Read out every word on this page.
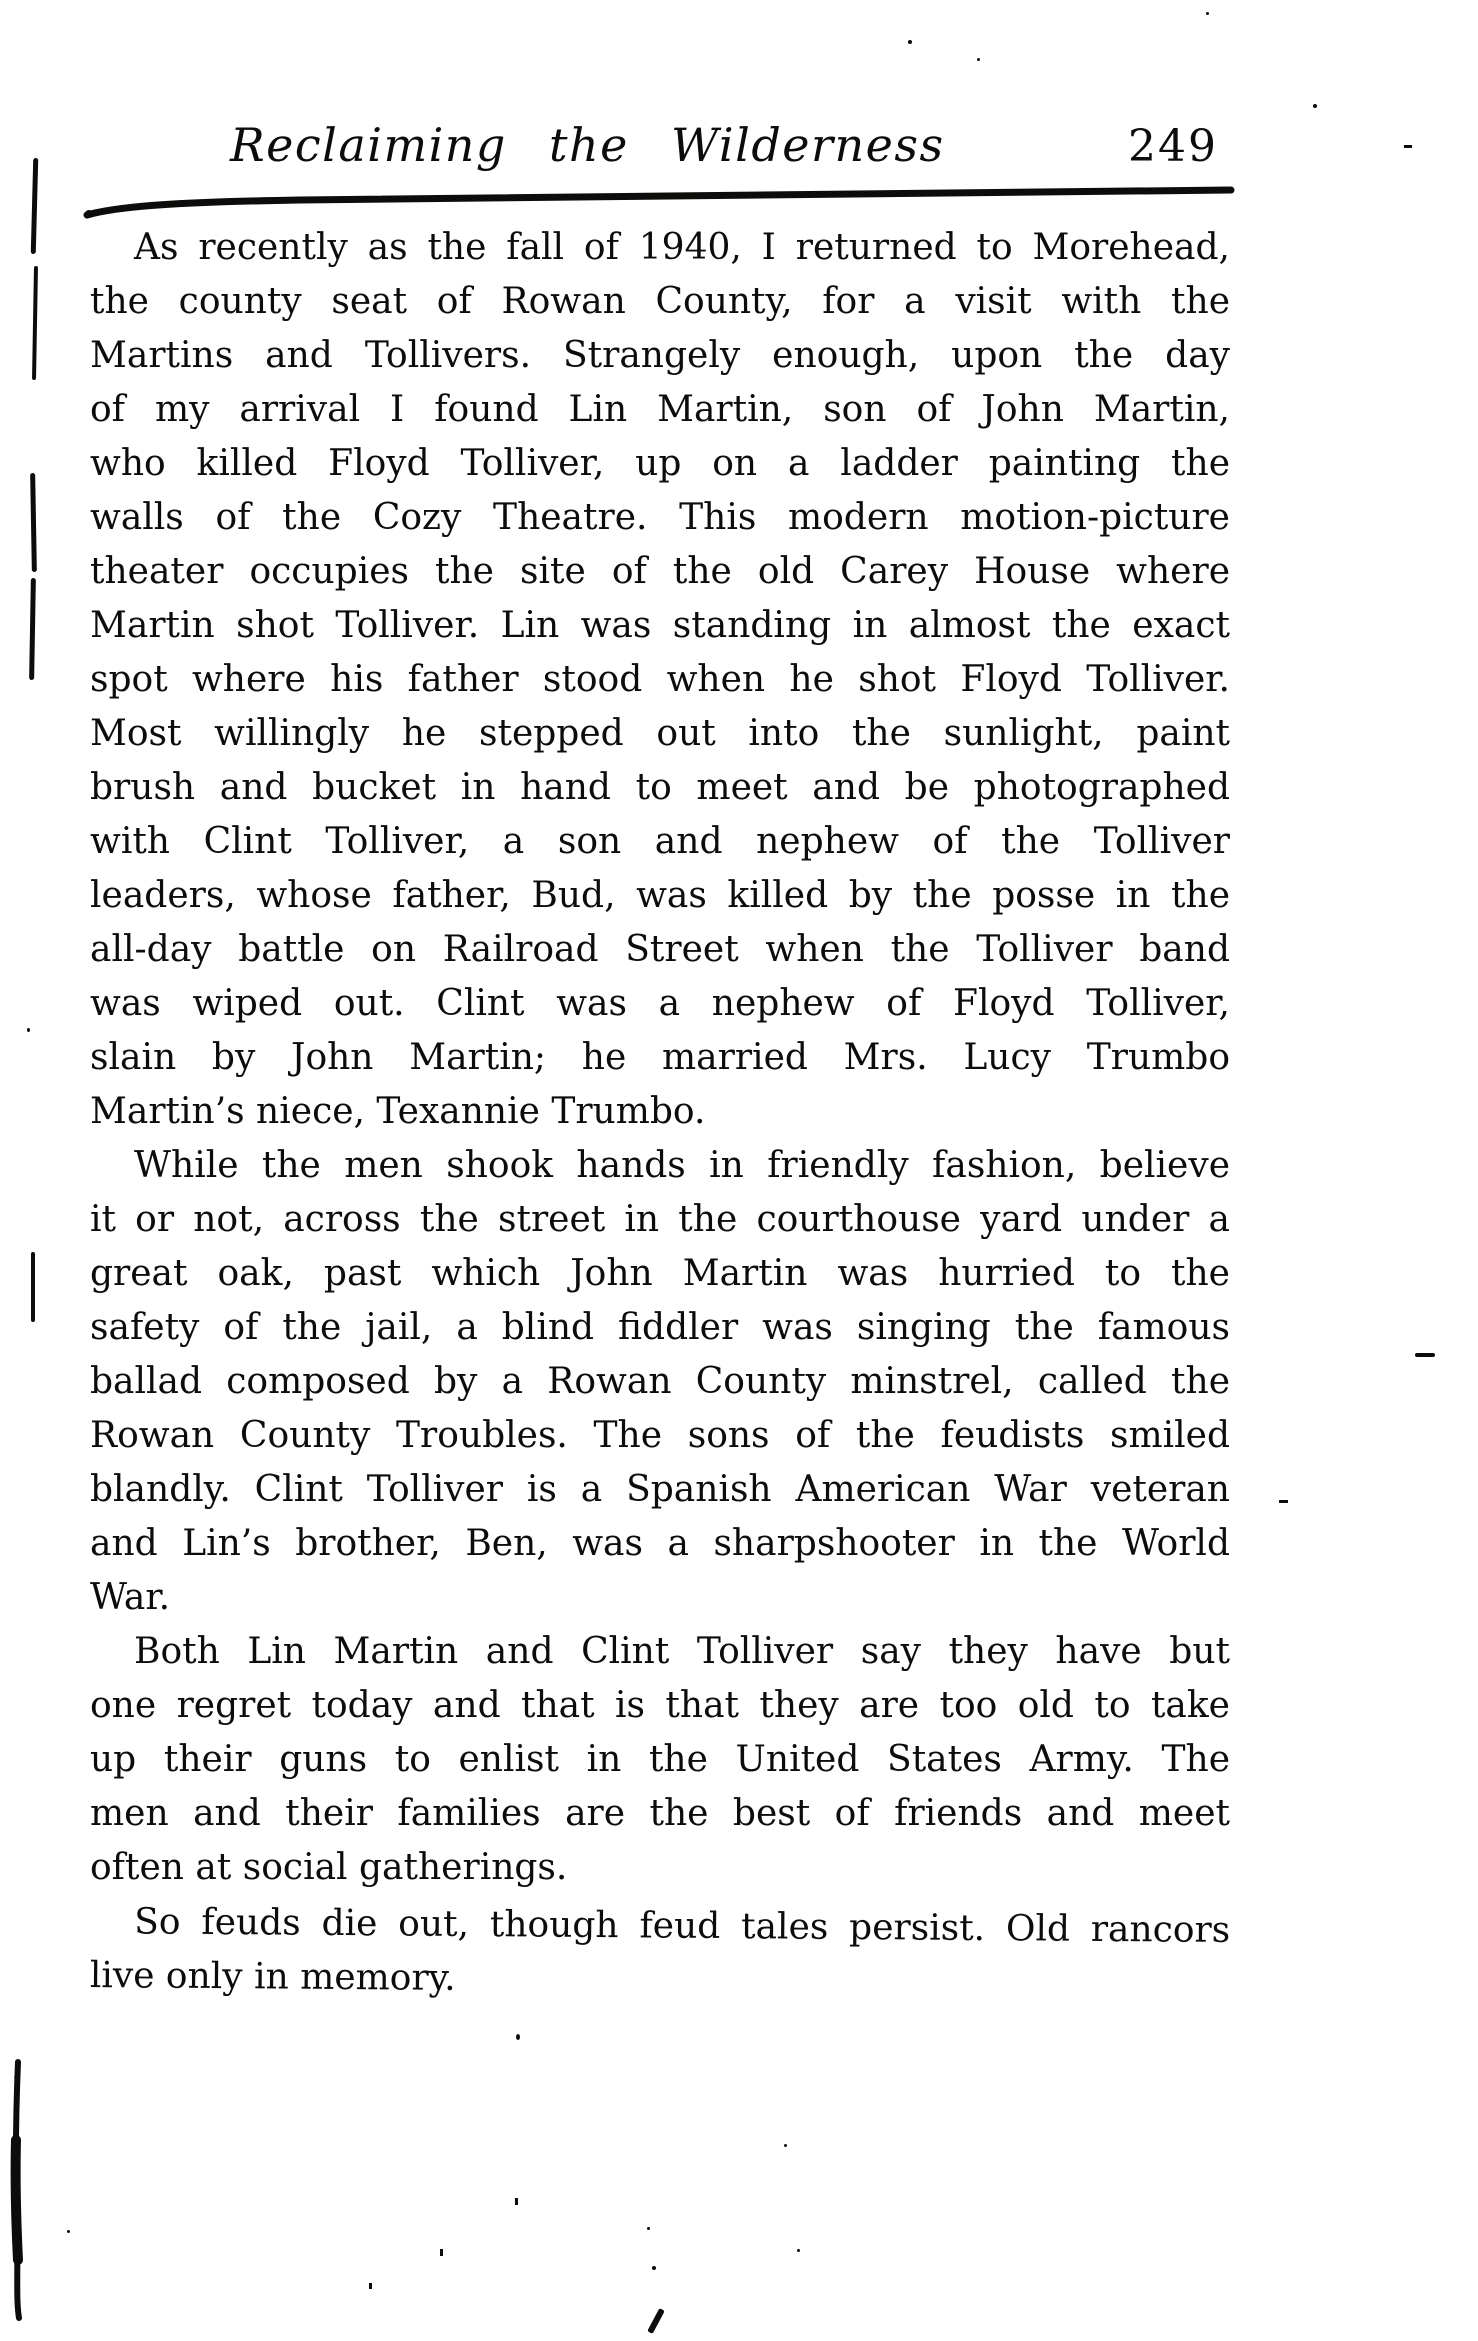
Reclaiming the Wilderness	249
As recently as the fall of 1940, I returned to Morehead,
the county seat of Rowan County, for a visit with the
Martins and Tollivers. Strangely enough, upon the day
of my arrival I found Lin Martin, son of John Martin,
who killed Floyd Tolliver, up on a ladder painting the
walls of the Cozy Theatre. This modern motion-picture
theater occupies the site of the old Carey House where
Martin shot Tolliver. Lin was standing in almost the exact
spot where his father stood when he shot Floyd Tolliver.
Most willingly he stepped out into the sunlight, paint
brush and bucket in hand to meet and be photographed
with Clint Tolliver, a son and nephew of the Tolliver
leaders, whose father, Bud, was killed by the posse in the
all-day battle on Railroad Street when the Tolliver band
was wiped out. Clint was a nephew of Floyd Tolliver,
slain by John Martin; he married Mrs. Lucy Trumbo
Martin’s niece, Texannie Trumbo.
While the men shook hands in friendly fashion, believe
it or not, across the street in the courthouse yard under a
great oak, past which John Martin was hurried to the
safety of the jail, a blind fiddler was singing the famous
ballad composed by a Rowan County minstrel, called the
Rowan County Troubles. The sons of the feudists smiled
blandly. Clint Tolliver is a Spanish American War veteran
and Lin’s brother, Ben, was a sharpshooter in the World
War.
Both Lin Martin and Clint Tolliver say they have but
one regret today and that is that they are too old to take
up their guns to enlist in the United States Army. The
men and their families are the best of friends and meet
often at social gatherings.
So feuds die out, though feud tales persist. Old rancors
live only in memory.
